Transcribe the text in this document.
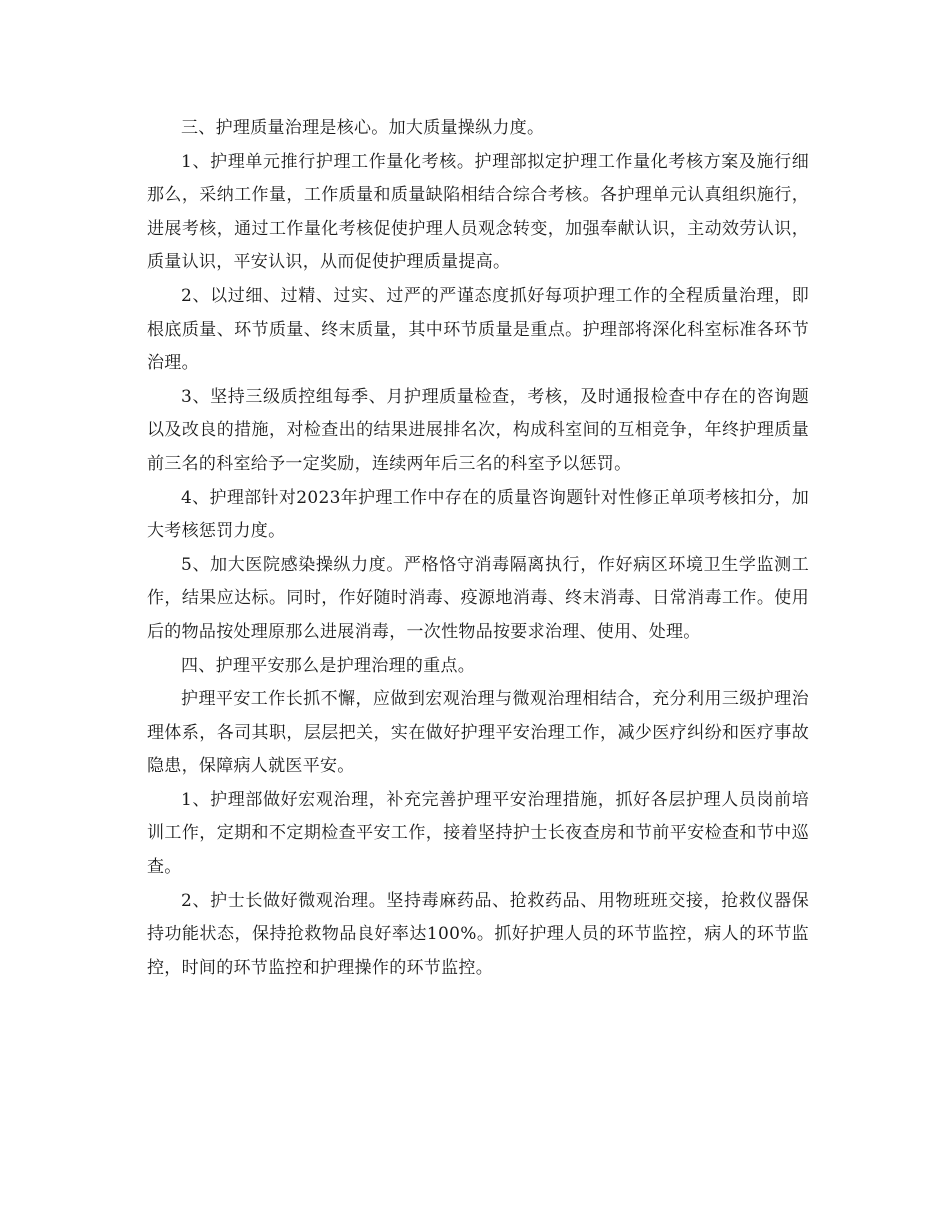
三、护理质量治理是核心。加大质量操纵力度。

1、护理单元推行护理工作量化考核。护理部拟定护理工作量化考核方案及施行细那么，采纳工作量，工作质量和质量缺陷相结合综合考核。各护理单元认真组织施行，进展考核，通过工作量化考核促使护理人员观念转变，加强奉献认识，主动效劳认识，质量认识，平安认识，从而促使护理质量提高。

2、以过细、过精、过实、过严的严谨态度抓好每项护理工作的全程质量治理，即根底质量、环节质量、终末质量，其中环节质量是重点。护理部将深化科室标准各环节治理。

3、坚持三级质控组每季、月护理质量检查，考核，及时通报检查中存在的咨询题以及改良的措施，对检查出的结果进展排名次，构成科室间的互相竞争，年终护理质量前三名的科室给予一定奖励，连续两年后三名的科室予以惩罚。

4、护理部针对2023年护理工作中存在的质量咨询题针对性修正单项考核扣分，加大考核惩罚力度。

5、加大医院感染操纵力度。严格恪守消毒隔离执行，作好病区环境卫生学监测工作，结果应达标。同时，作好随时消毒、疫源地消毒、终末消毒、日常消毒工作。使用后的物品按处理原那么进展消毒，一次性物品按要求治理、使用、处理。

四、护理平安那么是护理治理的重点。

护理平安工作长抓不懈，应做到宏观治理与微观治理相结合，充分利用三级护理治理体系，各司其职，层层把关，实在做好护理平安治理工作，减少医疗纠纷和医疗事故隐患，保障病人就医平安。

1、护理部做好宏观治理，补充完善护理平安治理措施，抓好各层护理人员岗前培训工作，定期和不定期检查平安工作，接着坚持护士长夜查房和节前平安检查和节中巡查。

2、护士长做好微观治理。坚持毒麻药品、抢救药品、用物班班交接，抢救仪器保持功能状态，保持抢救物品良好率达100%。抓好护理人员的环节监控，病人的环节监控，时间的环节监控和护理操作的环节监控。
